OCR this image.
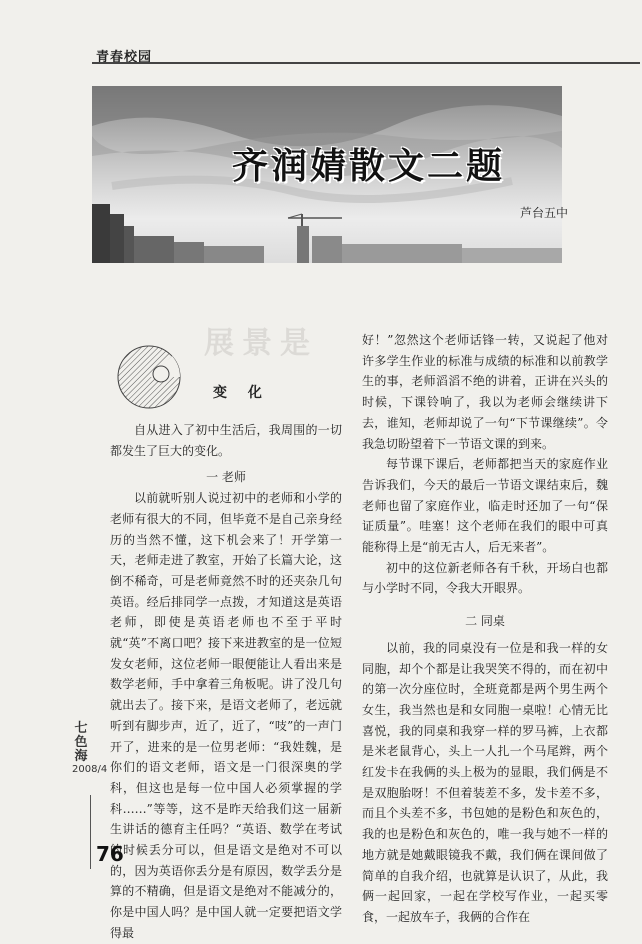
青春校园
齐润婧散文二题
芦台五中
展景是
变 化

自从进入了初中生活后，我周围的一切都发生了巨大的变化。

一 老师

以前就听别人说过初中的老师和小学的老师有很大的不同，但毕竟不是自己亲身经历的当然不懂，这下机会来了！开学第一天，老师走进了教室，开始了长篇大论，这倒不稀奇，可是老师竟然不时的还夹杂几句英语。经后排同学一点拨，才知道这是英语老师，即使是英语老师也不至于平时就“英”不离口吧？接下来进教室的是一位短发女老师，这位老师一眼便能让人看出来是数学老师，手中拿着三角板呢。讲了没几句就出去了。接下来，是语文老师了，老远就听到有脚步声，近了，近了，“吱”的一声门开了，进来的是一位男老师：“我姓魏，是你们的语文老师，语文是一门很深奥的学科，但这也是每一位中国人必须掌握的学科……”等等，这不是昨天给我们这一届新生讲话的德育主任吗？“英语、数学在考试的时候丢分可以，但是语文是绝对不可以的，因为英语你丢分是有原因，数学丢分是算的不精确，但是语文是绝对不能减分的，你是中国人吗？是中国人就一定要把语文学得最

好！”忽然这个老师话锋一转，又说起了他对许多学生作业的标准与成绩的标准和以前教学生的事，老师滔滔不绝的讲着，正讲在兴头的时候，下课铃响了，我以为老师会继续讲下去，谁知，老师却说了一句“下节课继续”。令我急切盼望着下一节语文课的到来。

每节课下课后，老师都把当天的家庭作业告诉我们，今天的最后一节语文课结束后，魏老师也留了家庭作业，临走时还加了一句“保证质量”。哇塞！这个老师在我们的眼中可真能称得上是“前无古人，后无来者”。

初中的这位新老师各有千秋，开场白也都与小学时不同，令我大开眼界。

二 同桌

以前，我的同桌没有一位是和我一样的女同胞，却个个都是让我哭笑不得的，而在初中的第一次分座位时，全班竟都是两个男生两个女生，我当然也是和女同胞一桌啦！心情无比喜悦，我的同桌和我穿一样的罗马裤，上衣都是米老鼠背心，头上一人扎一个马尾辫，两个红发卡在我俩的头上极为的显眼，我们俩是不是双胞胎呀！不但着装差不多，发卡差不多，而且个头差不多，书包她的是粉色和灰色的，我的也是粉色和灰色的，唯一我与她不一样的地方就是她戴眼镜我不戴，我们俩在课间做了简单的自我介绍，也就算是认识了，从此，我俩一起回家，一起在学校写作业，一起买零食，一起放车子，我俩的合作在

七
色
海
2008/4
76
